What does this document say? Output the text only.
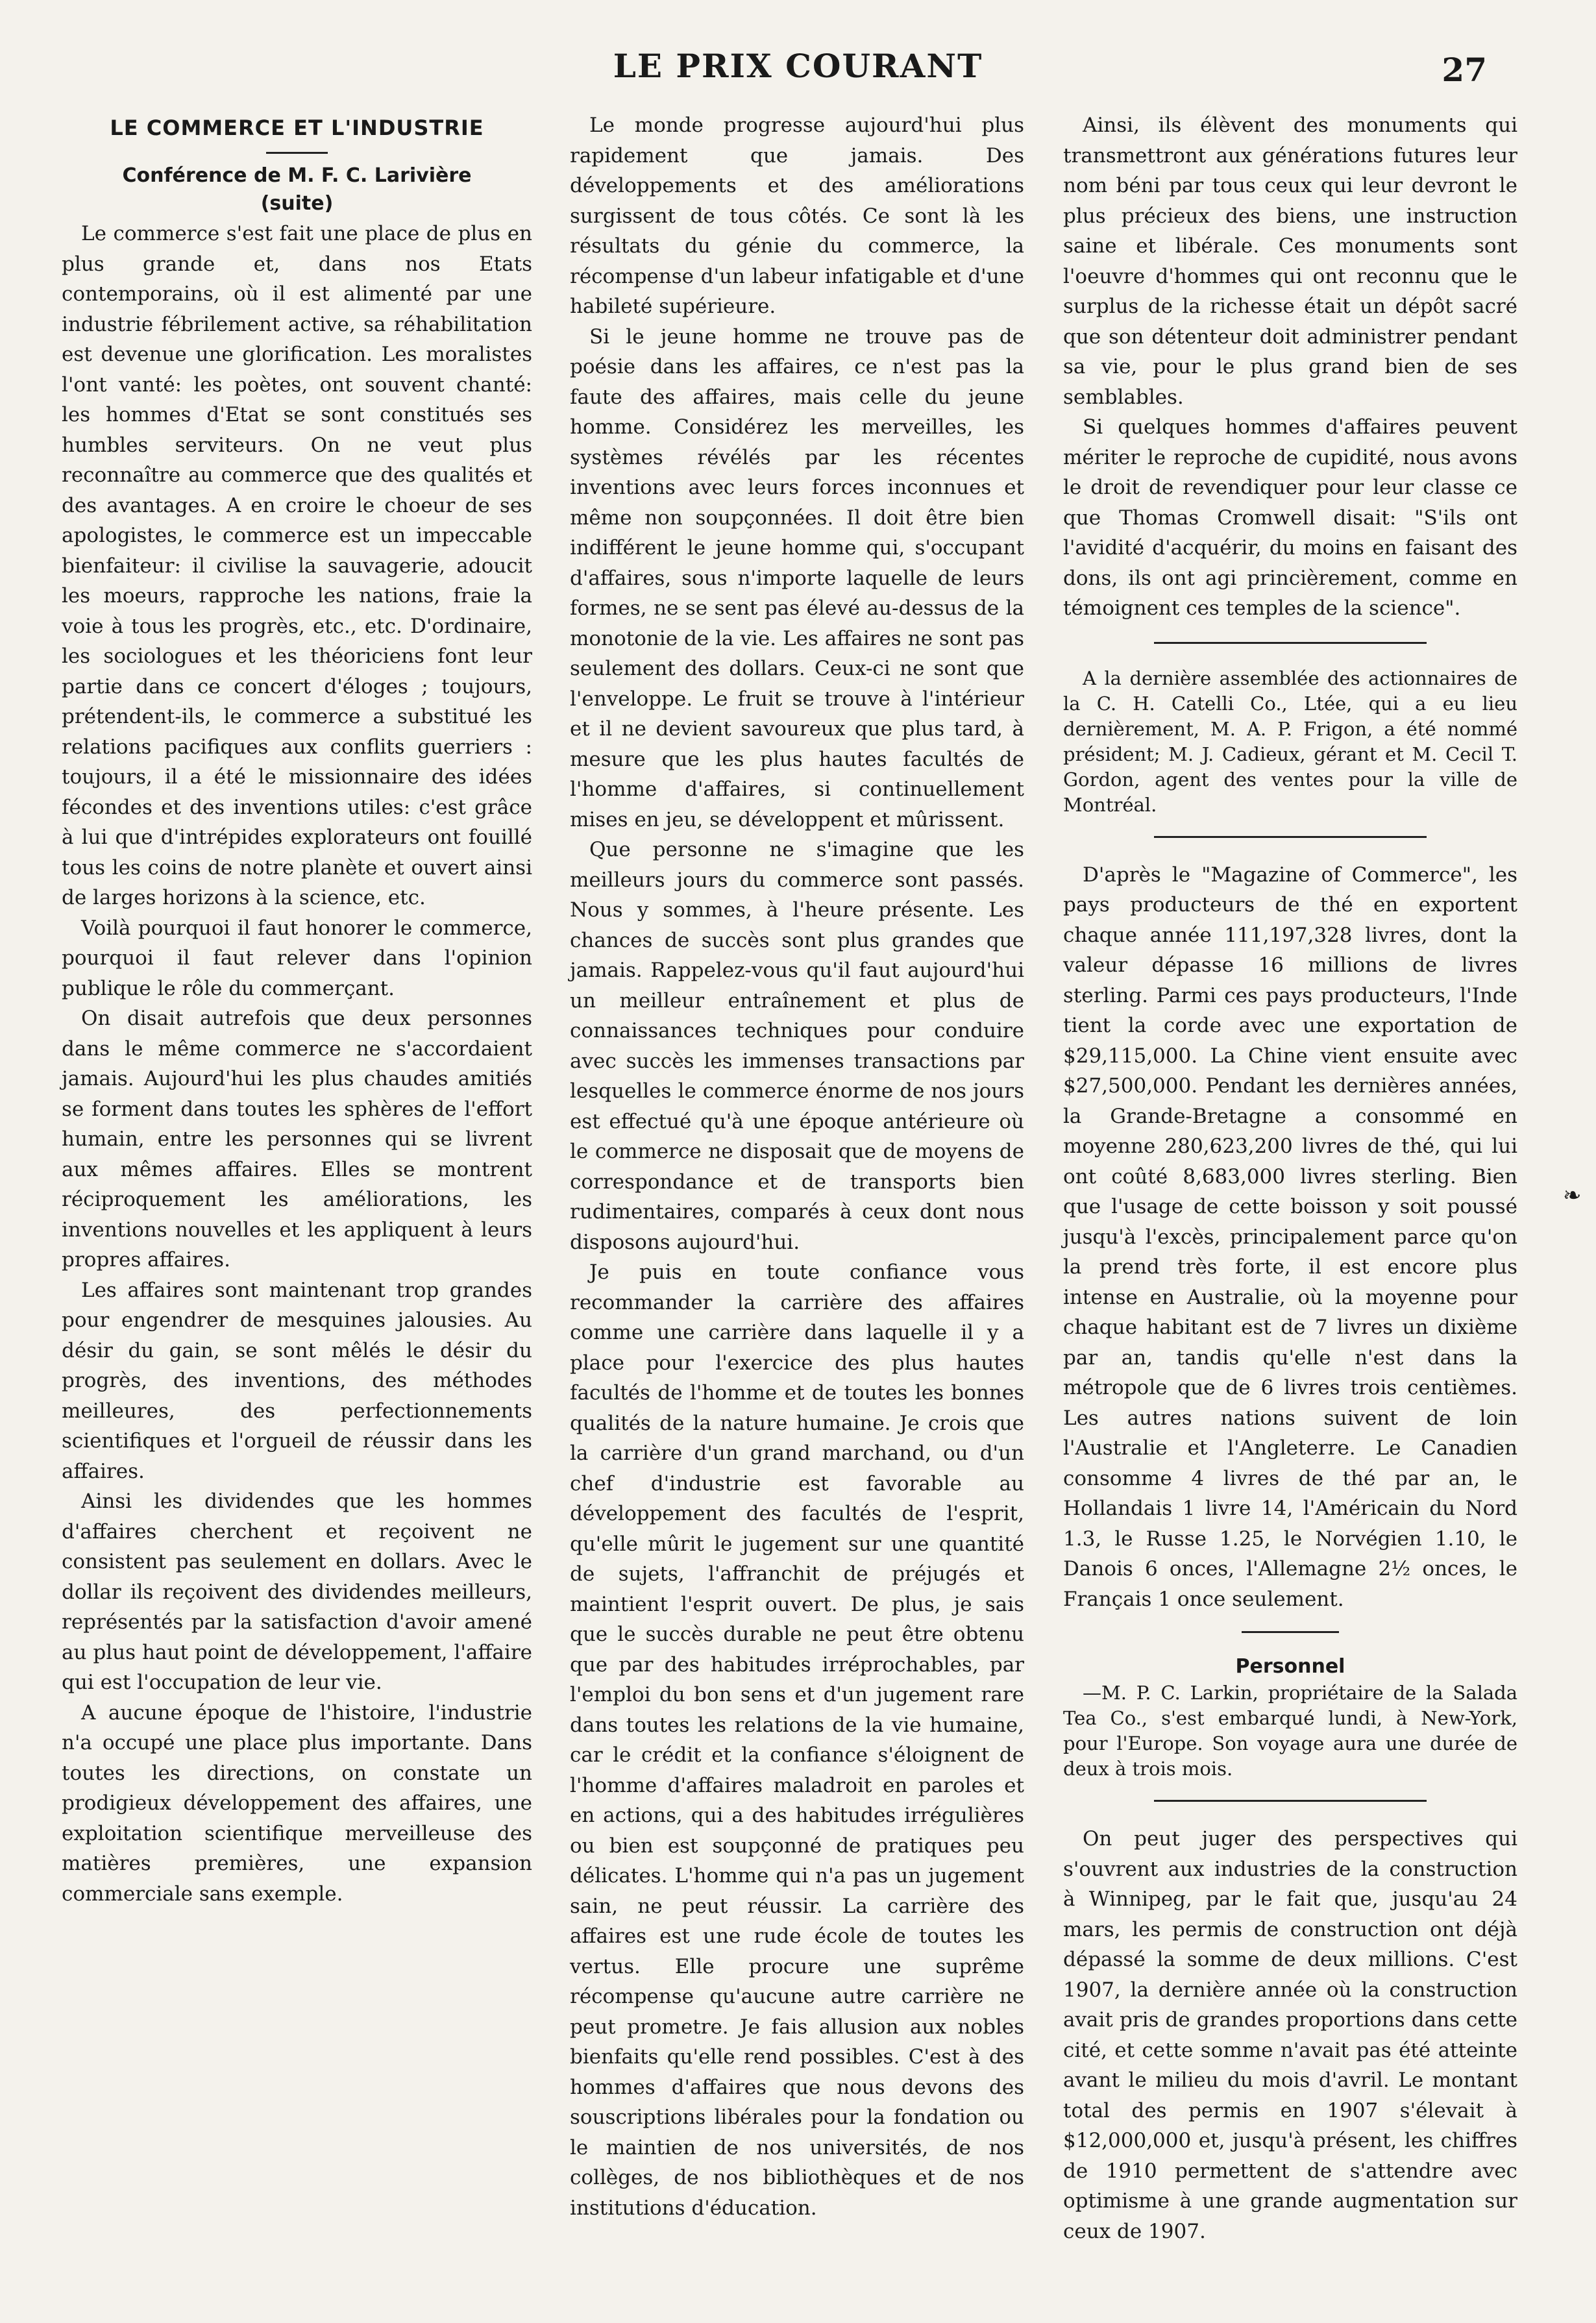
LE PRIX COURANT	27
LE COMMERCE ET L'INDUSTRIE
Conférence de M. F. C. Larivière
(suite)

Le commerce s'est fait une place de plus en plus grande et, dans nos Etats contemporains, où il est alimenté par une industrie fébrilement active, sa réhabilitation est devenue une glorification. Les moralistes l'ont vanté: les poètes, ont souvent chanté: les hommes d'Etat se sont constitués ses humbles serviteurs. On ne veut plus reconnaître au commerce que des qualités et des avantages. A en croire le choeur de ses apologistes, le commerce est un impeccable bienfaiteur: il civilise la sauvagerie, adoucit les moeurs, rapproche les nations, fraie la voie à tous les progrès, etc., etc. D'ordinaire, les sociologues et les théoriciens font leur partie dans ce concert d'éloges ; toujours, prétendent-ils, le commerce a substitué les relations pacifiques aux conflits guerriers : toujours, il a été le missionnaire des idées fécondes et des inventions utiles: c'est grâce à lui que d'intrépides explorateurs ont fouillé tous les coins de notre planète et ouvert ainsi de larges horizons à la science, etc.

Voilà pourquoi il faut honorer le commerce, pourquoi il faut relever dans l'opinion publique le rôle du commerçant.

On disait autrefois que deux personnes dans le même commerce ne s'accordaient jamais. Aujourd'hui les plus chaudes amitiés se forment dans toutes les sphères de l'effort humain, entre les personnes qui se livrent aux mêmes affaires. Elles se montrent réciproquement les améliorations, les inventions nouvelles et les appliquent à leurs propres affaires.

Les affaires sont maintenant trop grandes pour engendrer de mesquines jalousies. Au désir du gain, se sont mêlés le désir du progrès, des inventions, des méthodes meilleures, des perfectionnements scientifiques et l'orgueil de réussir dans les affaires.

Ainsi les dividendes que les hommes d'affaires cherchent et reçoivent ne consistent pas seulement en dollars. Avec le dollar ils reçoivent des dividendes meilleurs, représentés par la satisfaction d'avoir amené au plus haut point de développement, l'affaire qui est l'occupation de leur vie.

A aucune époque de l'histoire, l'industrie n'a occupé une place plus importante. Dans toutes les directions, on constate un prodigieux développement des affaires, une exploitation scientifique merveilleuse des matières premières, une expansion commerciale sans exemple.

Le monde progresse aujourd'hui plus rapidement que jamais. Des développements et des améliorations surgissent de tous côtés. Ce sont là les résultats du génie du commerce, la récompense d'un labeur infatigable et d'une habileté supérieure.

Si le jeune homme ne trouve pas de poésie dans les affaires, ce n'est pas la faute des affaires, mais celle du jeune homme. Considérez les merveilles, les systèmes révélés par les récentes inventions avec leurs forces inconnues et même non soupçonnées. Il doit être bien indifférent le jeune homme qui, s'occupant d'affaires, sous n'importe laquelle de leurs formes, ne se sent pas élevé au-dessus de la monotonie de la vie. Les affaires ne sont pas seulement des dollars. Ceux-ci ne sont que l'enveloppe. Le fruit se trouve à l'intérieur et il ne devient savoureux que plus tard, à mesure que les plus hautes facultés de l'homme d'affaires, si continuellement mises en jeu, se développent et mûrissent.

Que personne ne s'imagine que les meilleurs jours du commerce sont passés. Nous y sommes, à l'heure présente. Les chances de succès sont plus grandes que jamais. Rappelez-vous qu'il faut aujourd'hui un meilleur entraînement et plus de connaissances techniques pour conduire avec succès les immenses transactions par lesquelles le commerce énorme de nos jours est effectué qu'à une époque antérieure où le commerce ne disposait que de moyens de correspondance et de transports bien rudimentaires, comparés à ceux dont nous disposons aujourd'hui.

Je puis en toute confiance vous recommander la carrière des affaires comme une carrière dans laquelle il y a place pour l'exercice des plus hautes facultés de l'homme et de toutes les bonnes qualités de la nature humaine. Je crois que la carrière d'un grand marchand, ou d'un chef d'industrie est favorable au développement des facultés de l'esprit, qu'elle mûrit le jugement sur une quantité de sujets, l'affranchit de préjugés et maintient l'esprit ouvert. De plus, je sais que le succès durable ne peut être obtenu que par des habitudes irréprochables, par l'emploi du bon sens et d'un jugement rare dans toutes les relations de la vie humaine, car le crédit et la confiance s'éloignent de l'homme d'affaires maladroit en paroles et en actions, qui a des habitudes irrégulières ou bien est soupçonné de pratiques peu délicates. L'homme qui n'a pas un jugement sain, ne peut réussir. La carrière des affaires est une rude école de toutes les vertus. Elle procure une suprême récompense qu'aucune autre carrière ne peut prometre. Je fais allusion aux nobles bienfaits qu'elle rend possibles. C'est à des hommes d'affaires que nous devons des souscriptions libérales pour la fondation ou le maintien de nos universités, de nos collèges, de nos bibliothèques et de nos institutions d'éducation.

Ainsi, ils élèvent des monuments qui transmettront aux générations futures leur nom béni par tous ceux qui leur devront le plus précieux des biens, une instruction saine et libérale. Ces monuments sont l'oeuvre d'hommes qui ont reconnu que le surplus de la richesse était un dépôt sacré que son détenteur doit administrer pendant sa vie, pour le plus grand bien de ses semblables.

Si quelques hommes d'affaires peuvent mériter le reproche de cupidité, nous avons le droit de revendiquer pour leur classe ce que Thomas Cromwell disait: "S'ils ont l'avidité d'acquérir, du moins en faisant des dons, ils ont agi princièrement, comme en témoignent ces temples de la science".

A la dernière assemblée des actionnaires de la C. H. Catelli Co., Ltée, qui a eu lieu dernièrement, M. A. P. Frigon, a été nommé président; M. J. Cadieux, gérant et M. Cecil T. Gordon, agent des ventes pour la ville de Montréal.

D'après le "Magazine of Commerce", les pays producteurs de thé en exportent chaque année 111,197,328 livres, dont la valeur dépasse 16 millions de livres sterling. Parmi ces pays producteurs, l'Inde tient la corde avec une exportation de $29,115,000. La Chine vient ensuite avec $27,500,000. Pendant les dernières années, la Grande-Bretagne a consommé en moyenne 280,623,200 livres de thé, qui lui ont coûté 8,683,000 livres sterling. Bien que l'usage de cette boisson y soit poussé jusqu'à l'excès, principalement parce qu'on la prend très forte, il est encore plus intense en Australie, où la moyenne pour chaque habitant est de 7 livres un dixième par an, tandis qu'elle n'est dans la métropole que de 6 livres trois centièmes. Les autres nations suivent de loin l'Australie et l'Angleterre. Le Canadien consomme 4 livres de thé par an, le Hollandais 1 livre 14, l'Américain du Nord 1.3, le Russe 1.25, le Norvégien 1.10, le Danois 6 onces, l'Allemagne 2½ onces, le Français 1 once seulement.

Personnel

—M. P. C. Larkin, propriétaire de la Salada Tea Co., s'est embarqué lundi, à New-York, pour l'Europe. Son voyage aura une durée de deux à trois mois.

On peut juger des perspectives qui s'ouvrent aux industries de la construction à Winnipeg, par le fait que, jusqu'au 24 mars, les permis de construction ont déjà dépassé la somme de deux millions. C'est 1907, la dernière année où la construction avait pris de grandes proportions dans cette cité, et cette somme n'avait pas été atteinte avant le milieu du mois d'avril. Le montant total des permis en 1907 s'élevait à $12,000,000 et, jusqu'à présent, les chiffres de 1910 permettent de s'attendre avec optimisme à une grande augmentation sur ceux de 1907.

❧
